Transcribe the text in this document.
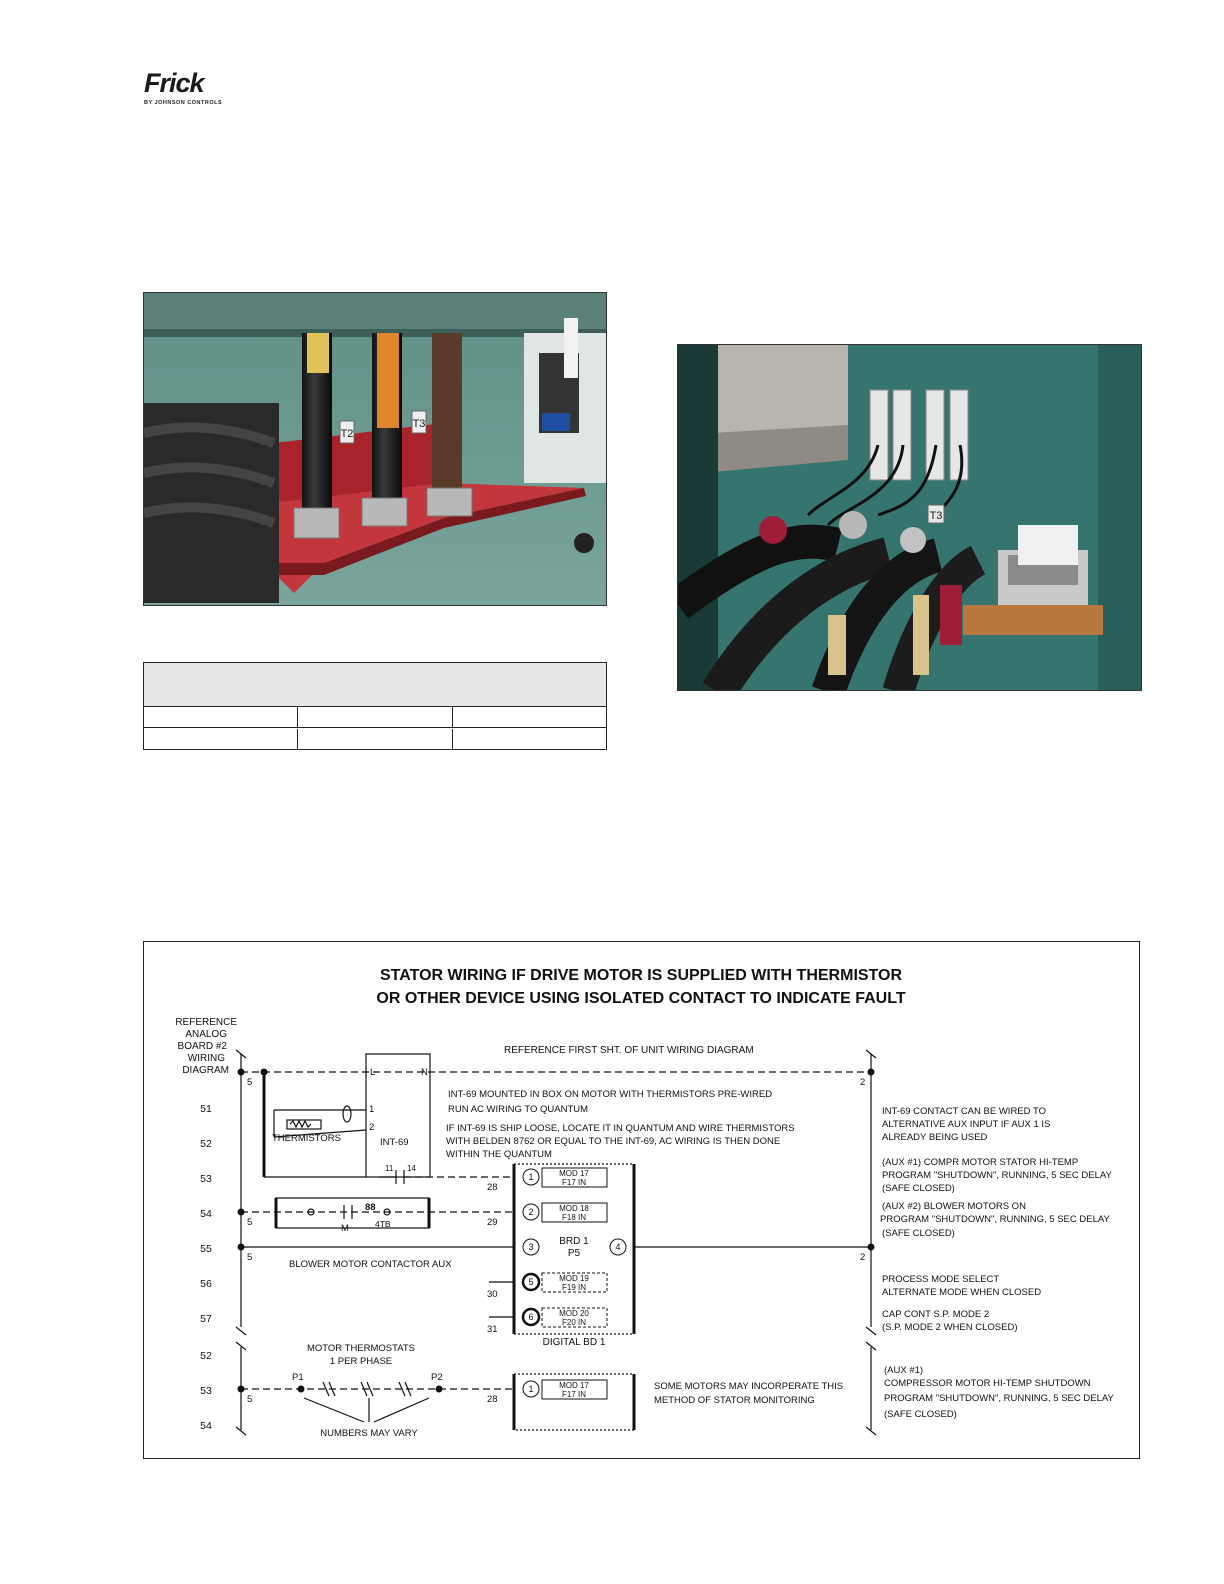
Frick
BY JOHNSON CONTROLS
T2
T3
T3
STATOR WIRING IF DRIVE MOTOR IS SUPPLIED WITH THERMISTOR
OR OTHER DEVICE USING ISOLATED CONTACT TO INDICATE FAULT
REFERENCE
ANALOG
BOARD #2
WIRING
DIAGRAM
REFERENCE FIRST SHT. OF UNIT WIRING DIAGRAM
51
52
53
54
55
56
57
52
53
54
5
5
5
5
2
2
L	N
1
2
INT-69
11 14
THERMISTORS
INT-69 MOUNTED IN BOX ON MOTOR WITH THERMISTORS PRE-WIRED
RUN AC WIRING TO QUANTUM
IF INT-69 IS SHIP LOOSE, LOCATE IT IN QUANTUM AND WIRE THERMISTORS
WITH BELDEN 8762 OR EQUAL TO THE INT-69, AC WIRING IS THEN DONE
WITHIN THE QUANTUM
88
M	4TB
BLOWER MOTOR CONTACTOR AUX
28
29
30
31
28
1
2
3
5
6
4
1
MOD 17
F17 IN
MOD 18
F18 IN
MOD 19
F19 IN
MOD 20
F20 IN
MOD 17
F17 IN
BRD 1
P5
DIGITAL BD 1
INT-69 CONTACT CAN BE WIRED TO
ALTERNATIVE AUX INPUT IF AUX 1 IS
ALREADY BEING USED
(AUX #1) COMPR MOTOR STATOR HI-TEMP
PROGRAM "SHUTDOWN", RUNNING, 5 SEC DELAY
(SAFE CLOSED)
(AUX #2) BLOWER MOTORS ON
PROGRAM "SHUTDOWN", RUNNING, 5 SEC DELAY
(SAFE CLOSED)
PROCESS MODE SELECT
ALTERNATE MODE WHEN CLOSED
CAP CONT S.P. MODE 2
(S.P. MODE 2 WHEN CLOSED)
(AUX #1)
COMPRESSOR MOTOR HI-TEMP SHUTDOWN
PROGRAM "SHUTDOWN", RUNNING, 5 SEC DELAY
(SAFE CLOSED)
MOTOR THERMOSTATS
1 PER PHASE
P1	P2
NUMBERS MAY VARY
SOME MOTORS MAY INCORPERATE THIS
METHOD OF STATOR MONITORING
